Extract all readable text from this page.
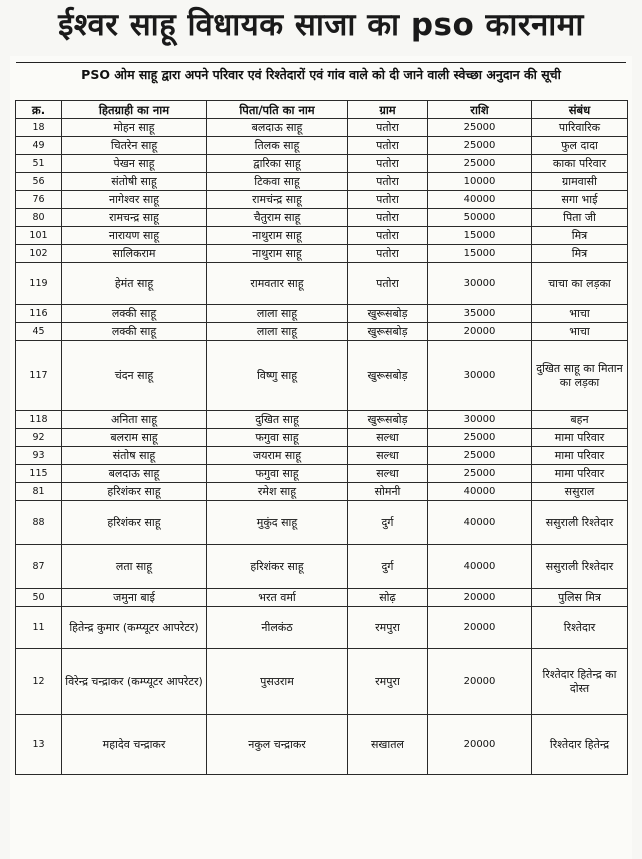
ईश्वर साहू विधायक साजा का pso कारनामा
PSO ओम साहू द्वारा अपने परिवार एवं रिश्तेदारों एवं गांव वाले को दी जाने वाली स्वेच्छा अनुदान की सूची
क्र.	हितग्राही का नाम	पिता/पति का नाम	ग्राम	राशि	संबंध
18	मोहन साहू	बलदाऊ साहू	पतोरा	25000	पारिवारिक
49	चितरेन साहू	तिलक साहू	पतोरा	25000	फुल दादा
51	पेखन साहू	द्वारिका साहू	पतोरा	25000	काका परिवार
56	संतोषी साहू	टिकवा साहू	पतोरा	10000	ग्रामवासी
76	नागेश्वर साहू	रामचंन्द्र साहू	पतोरा	40000	सगा भाई
80	रामचन्द्र साहू	चैतुराम साहू	पतोरा	50000	पिता जी
101	नारायण साहू	नाथुराम साहू	पतोरा	15000	मित्र
102	सालिकराम	नाथुराम साहू	पतोरा	15000	मित्र
119	हेमंत साहू	रामवतार साहू	पतोरा	30000	चाचा का लड़का
116	लक्की साहू	लाला साहू	खुरूसबोड़	35000	भाचा
45	लक्की साहू	लाला साहू	खुरूसबोड़	20000	भाचा
117	चंदन साहू	विष्णु साहू	खुरूसबोड़	30000	दुखित साहू का मितान का लड़का
118	अनिता साहू	दुखित साहू	खुरूसबोड़	30000	बहन
92	बलराम साहू	फगुवा साहू	सल्धा	25000	मामा परिवार
93	संतोष साहू	जयराम साहू	सल्धा	25000	मामा परिवार
115	बलदाऊ साहू	फगुवा साहू	सल्धा	25000	मामा परिवार
81	हरिशंकर साहू	रमेश साहू	सोमनी	40000	ससुराल
88	हरिशंकर साहू	मुकुंद साहू	दुर्ग	40000	ससुराली रिश्तेदार
87	लता साहू	हरिशंकर साहू	दुर्ग	40000	ससुराली रिश्तेदार
50	जमुना बाई	भरत वर्मा	सोढ़	20000	पुलिस मित्र
11	हितेन्द्र कुमार (कम्प्यूटर आपरेटर)	नीलकंठ	रमपुरा	20000	रिश्तेदार
12	विरेन्द्र चन्द्राकर (कम्प्यूटर आपरेटर)	पुसउराम	रमपुरा	20000	रिश्तेदार हितेन्द्र का दोस्त
13	महादेव चन्द्राकर	नकुल चन्द्राकर	सखातल	20000	रिश्तेदार हितेन्द्र
